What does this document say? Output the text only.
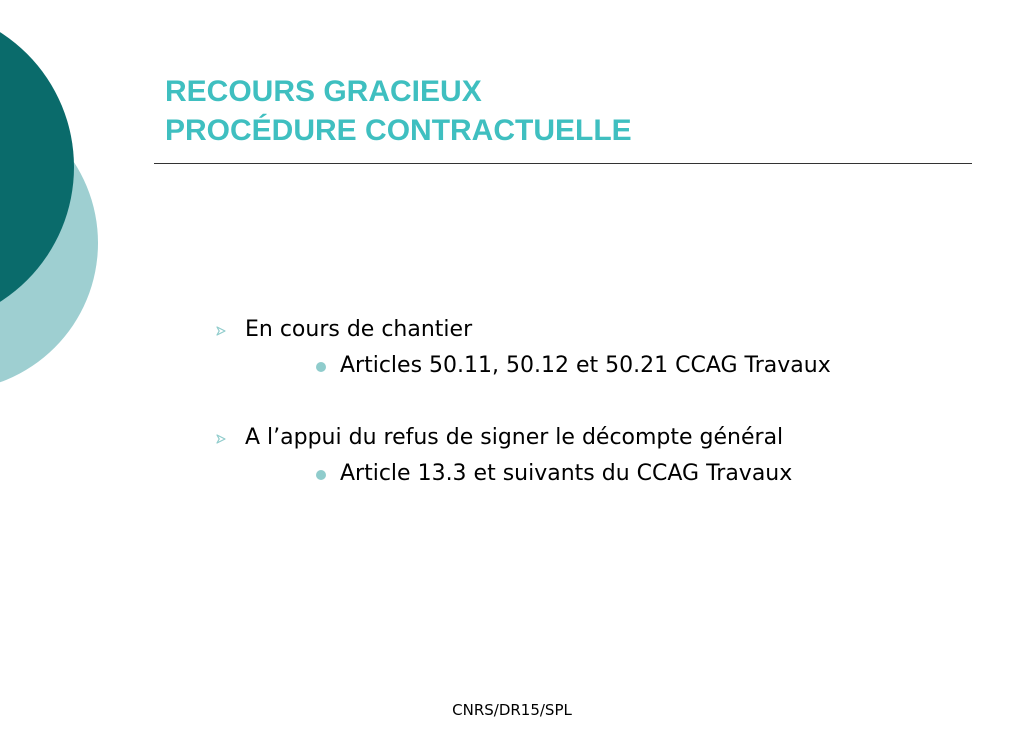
RECOURS GRACIEUX
PROCÉDURE CONTRACTUELLE
En cours de chantier
Articles 50.11, 50.12 et 50.21 CCAG Travaux
A l’appui du refus de signer le décompte général
Article 13.3 et suivants du CCAG Travaux
CNRS/DR15/SPL
